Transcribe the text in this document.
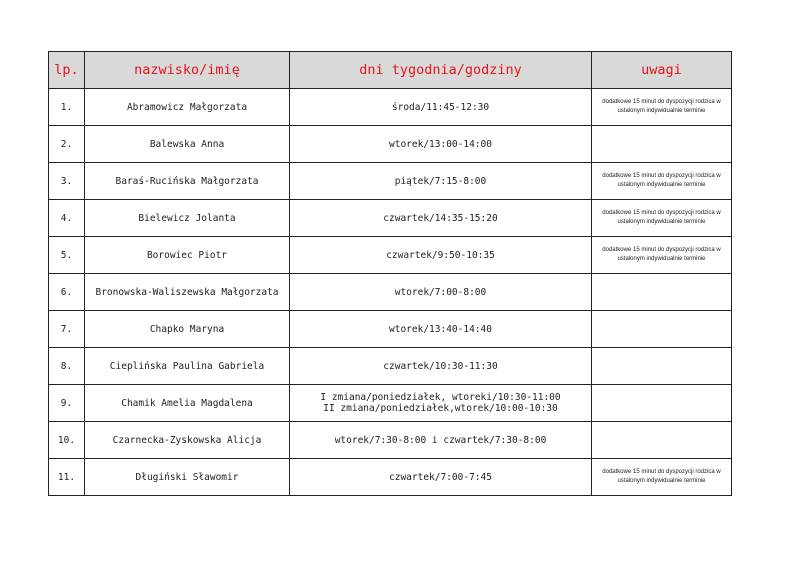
lp.	nazwisko/imię	dni tygodnia/godziny	uwagi
1.	Abramowicz Małgorzata	środa/11:45-12:30	dodatkowe 15 minut do dyspozycji rodzica w ustalonym indywidualnie terminie
2.	Balewska Anna	wtorek/13:00-14:00	
3.	Baraś-Rucińska Małgorzata	piątek/7:15-8:00	dodatkowe 15 minut do dyspozycji rodzica w ustalonym indywidualnie terminie
4.	Bielewicz Jolanta	czwartek/14:35-15:20	dodatkowe 15 minut do dyspozycji rodzica w ustalonym indywidualnie terminie
5.	Borowiec Piotr	czwartek/9:50-10:35	dodatkowe 15 minut do dyspozycji rodzica w ustalonym indywidualnie terminie
6.	Bronowska-Waliszewska Małgorzata	wtorek/7:00-8:00	
7.	Chapko Maryna	wtorek/13:40-14:40	
8.	Cieplińska Paulina Gabriela	czwartek/10:30-11:30	
9.	Chamik Amelia Magdalena	I zmiana/poniedziałek, wtoreki/10:30-11:00
II zmiana/poniedziałek,wtorek/10:00-10:30	
10.	Czarnecka-Zyskowska Alicja	wtorek/7:30-8:00 i czwartek/7:30-8:00	
11.	Długiński Sławomir	czwartek/7:00-7:45	dodatkowe 15 minut do dyspozycji rodzica w ustalonym indywidualnie terminie
